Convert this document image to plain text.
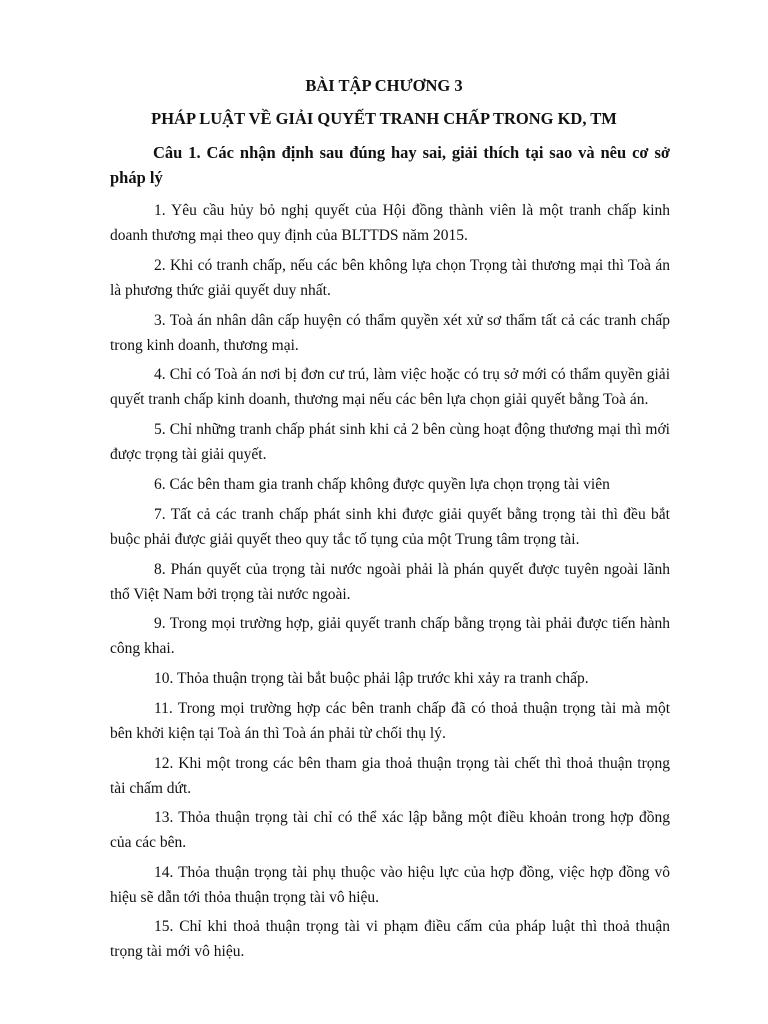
BÀI TẬP CHƯƠNG 3
PHÁP LUẬT VỀ GIẢI QUYẾT TRANH CHẤP TRONG KD, TM

Câu 1. Các nhận định sau đúng hay sai, giải thích tại sao và nêu cơ sở pháp lý

1. Yêu cầu hủy bỏ nghị quyết của Hội đồng thành viên là một tranh chấp kinh doanh thương mại theo quy định của BLTTDS năm 2015.
2. Khi có tranh chấp, nếu các bên không lựa chọn Trọng tài thương mại thì Toà án là phương thức giải quyết duy nhất.
3. Toà án nhân dân cấp huyện có thẩm quyền xét xử sơ thẩm tất cả các tranh chấp trong kinh doanh, thương mại.
4. Chỉ có Toà án nơi bị đơn cư trú, làm việc hoặc có trụ sở mới có thẩm quyền giải quyết tranh chấp kinh doanh, thương mại nếu các bên lựa chọn giải quyết bằng Toà án.
5. Chỉ những tranh chấp phát sinh khi cả 2 bên cùng hoạt động thương mại thì mới được trọng tài giải quyết.
6. Các bên tham gia tranh chấp không được quyền lựa chọn trọng tài viên
7. Tất cả các tranh chấp phát sinh khi được giải quyết bằng trọng tài thì đều bắt buộc phải được giải quyết theo quy tắc tố tụng của một Trung tâm trọng tài.
8. Phán quyết của trọng tài nước ngoài phải là phán quyết được tuyên ngoài lãnh thổ Việt Nam bởi trọng tài nước ngoài.
9. Trong mọi trường hợp, giải quyết tranh chấp bằng trọng tài phải được tiến hành công khai.
10. Thỏa thuận trọng tài bắt buộc phải lập trước khi xảy ra tranh chấp.
11. Trong mọi trường hợp các bên tranh chấp đã có thoả thuận trọng tài mà một bên khởi kiện tại Toà án thì Toà án phải từ chối thụ lý.
12. Khi một trong các bên tham gia thoả thuận trọng tài chết thì thoả thuận trọng tài chấm dứt.
13. Thỏa thuận trọng tài chỉ có thể xác lập bằng một điều khoản trong hợp đồng của các bên.
14. Thỏa thuận trọng tài phụ thuộc vào hiệu lực của hợp đồng, việc hợp đồng vô hiệu sẽ dẫn tới thỏa thuận trọng tài vô hiệu.
15. Chỉ khi thoả thuận trọng tài vi phạm điều cấm của pháp luật thì thoả thuận trọng tài mới vô hiệu.
